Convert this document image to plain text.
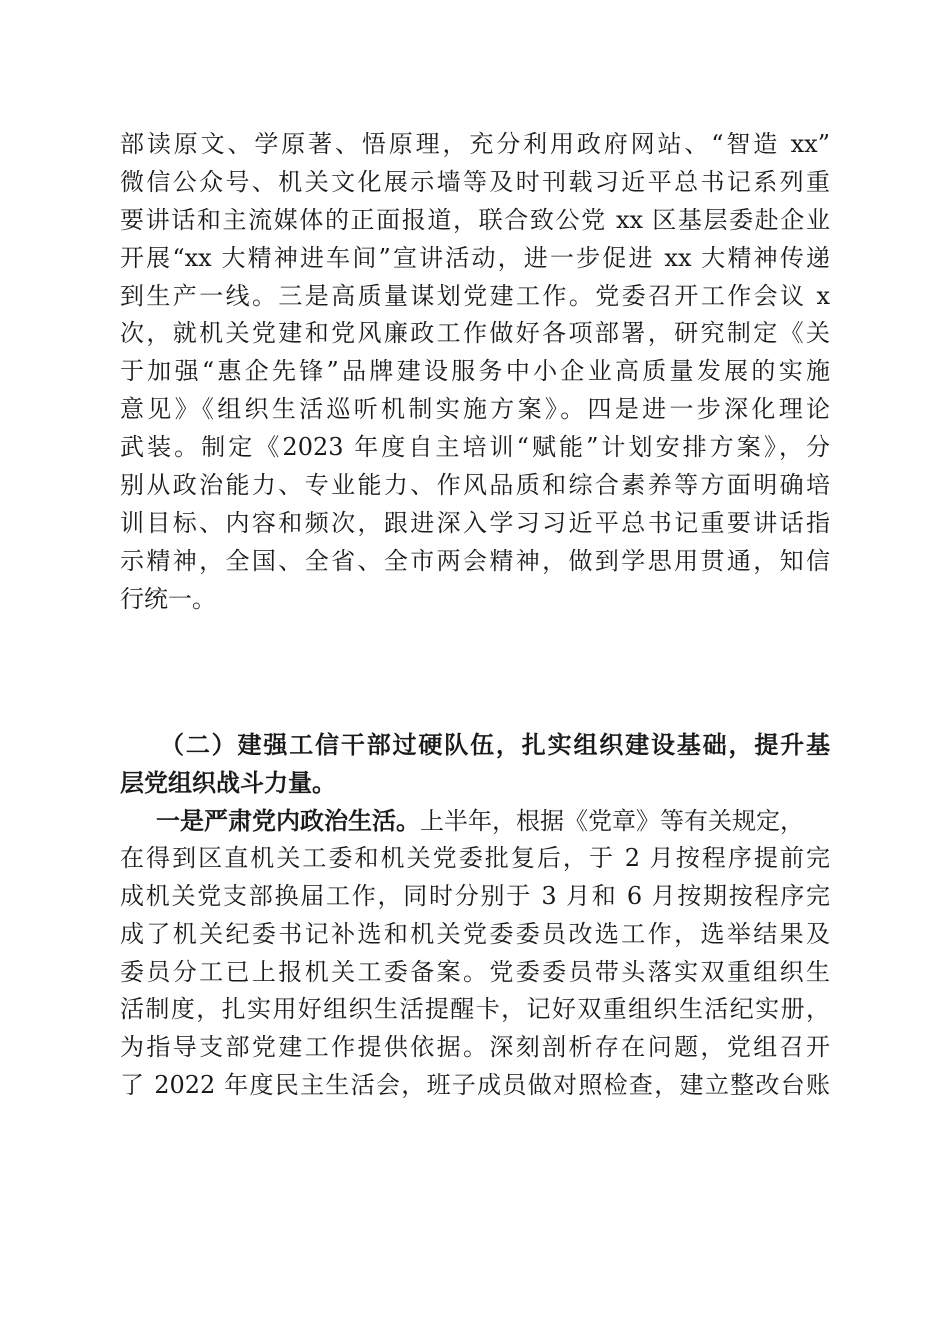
部读原文、学原著、悟原理，充分利用政府网站、“智造 xx”
微信公众号、机关文化展示墙等及时刊载习近平总书记系列重
要讲话和主流媒体的正面报道，联合致公党 xx 区基层委赴企业
开展“xx 大精神进车间”宣讲活动，进一步促进 xx 大精神传递
到生产一线。三是高质量谋划党建工作。党委召开工作会议 x
次，就机关党建和党风廉政工作做好各项部署，研究制定《关
于加强“惠企先锋”品牌建设服务中小企业高质量发展的实施
意见》《组织生活巡听机制实施方案》。四是进一步深化理论
武装。制定《2023 年度自主培训“赋能”计划安排方案》，分
别从政治能力、专业能力、作风品质和综合素养等方面明确培
训目标、内容和频次，跟进深入学习习近平总书记重要讲话指
示精神，全国、全省、全市两会精神，做到学思用贯通，知信
行统一。
（二）建强工信干部过硬队伍，扎实组织建设基础，提升基
层党组织战斗力量。
一是严肃党内政治生活。上半年，根据《党章》等有关规定，
在得到区直机关工委和机关党委批复后，于 2 月按程序提前完
成机关党支部换届工作，同时分别于 3 月和 6 月按期按程序完
成了机关纪委书记补选和机关党委委员改选工作，选举结果及
委员分工已上报机关工委备案。党委委员带头落实双重组织生
活制度，扎实用好组织生活提醒卡，记好双重组织生活纪实册，
为指导支部党建工作提供依据。深刻剖析存在问题，党组召开
了 2022 年度民主生活会，班子成员做对照检查，建立整改台账
